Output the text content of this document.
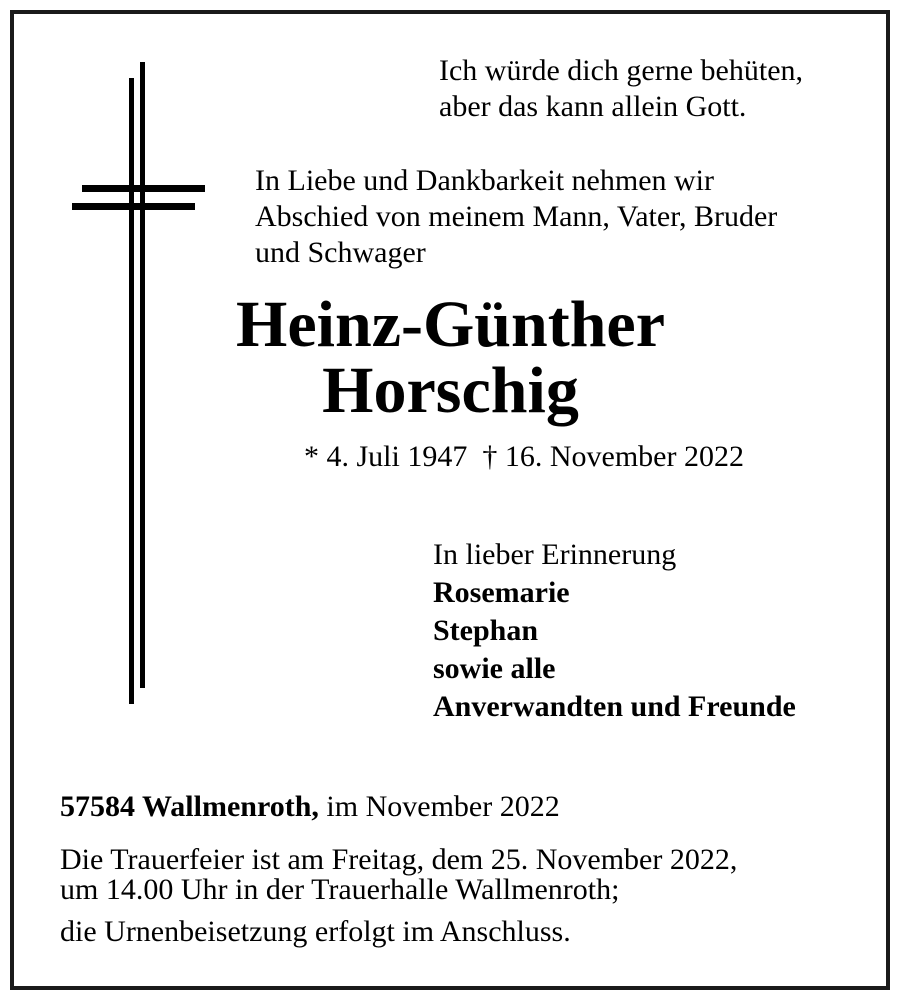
Ich würde dich gerne behüten,
aber das kann allein Gott.
In Liebe und Dankbarkeit nehmen wir
Abschied von meinem Mann, Vater, Bruder
und Schwager
Heinz-Günther
Horschig
* 4. Juli 1947 † 16. November 2022
In lieber Erinnerung
Rosemarie
Stephan
sowie alle
Anverwandten und Freunde
57584 Wallmenroth, im November 2022
Die Trauerfeier ist am Freitag, dem 25. November 2022,
um 14.00 Uhr in der Trauerhalle Wallmenroth;
die Urnenbeisetzung erfolgt im Anschluss.
